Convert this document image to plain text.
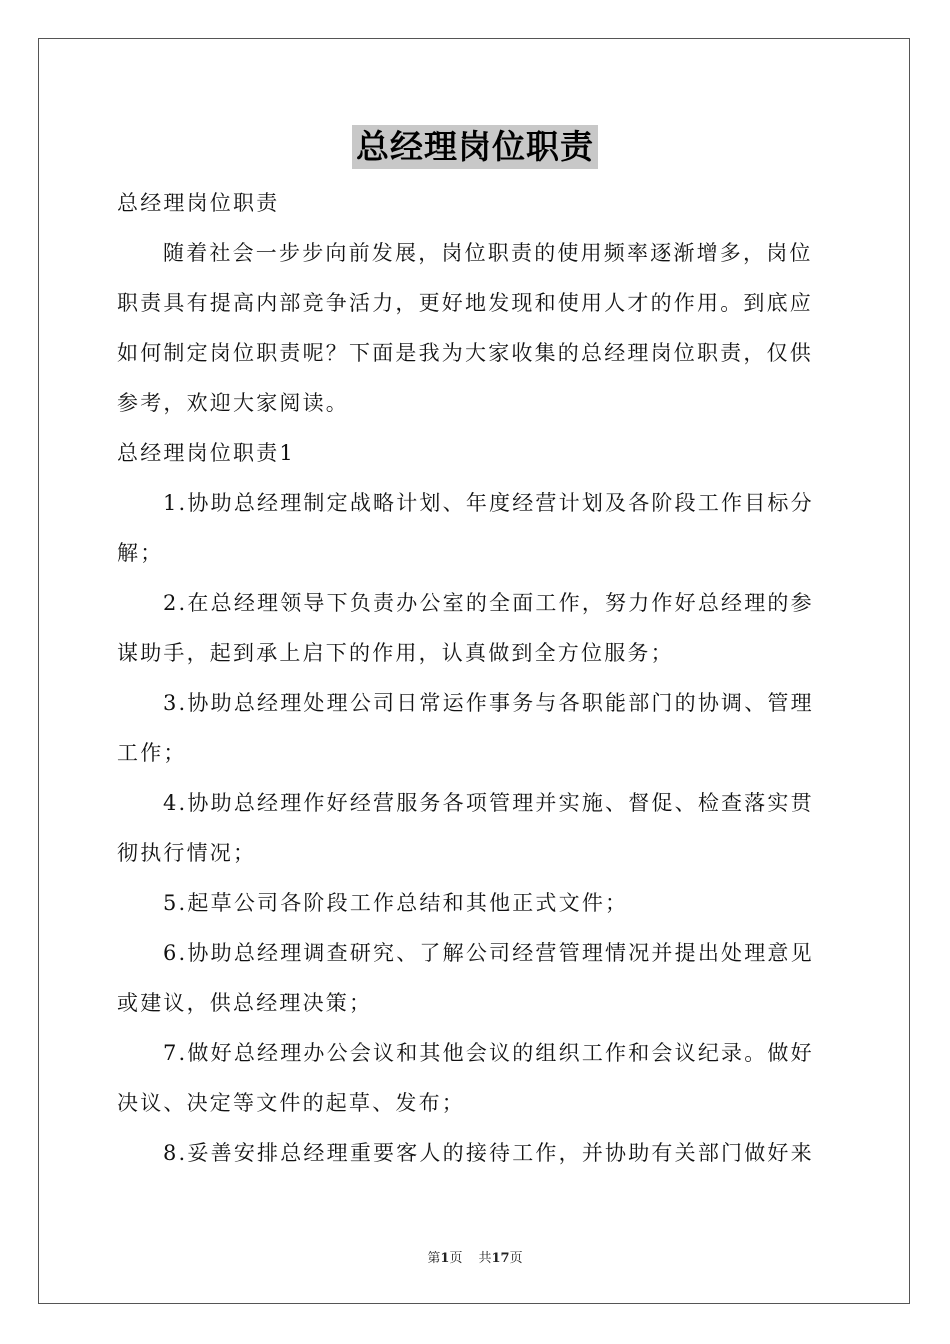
总经理岗位职责

总经理岗位职责

随着社会一步步向前发展，岗位职责的使用频率逐渐增多，岗位职责具有提高内部竞争活力，更好地发现和使用人才的作用。到底应如何制定岗位职责呢？下面是我为大家收集的总经理岗位职责，仅供参考，欢迎大家阅读。

总经理岗位职责1

1.协助总经理制定战略计划、年度经营计划及各阶段工作目标分解；

2.在总经理领导下负责办公室的全面工作，努力作好总经理的参谋助手，起到承上启下的作用，认真做到全方位服务；

3.协助总经理处理公司日常运作事务与各职能部门的协调、管理工作；

4.协助总经理作好经营服务各项管理并实施、督促、检查落实贯彻执行情况；

5.起草公司各阶段工作总结和其他正式文件；

6.协助总经理调查研究、了解公司经营管理情况并提出处理意见或建议，供总经理决策；

7.做好总经理办公会议和其他会议的组织工作和会议纪录。做好决议、决定等文件的起草、发布；

8.妥善安排总经理重要客人的接待工作，并协助有关部门做好来

第1页 共17页
